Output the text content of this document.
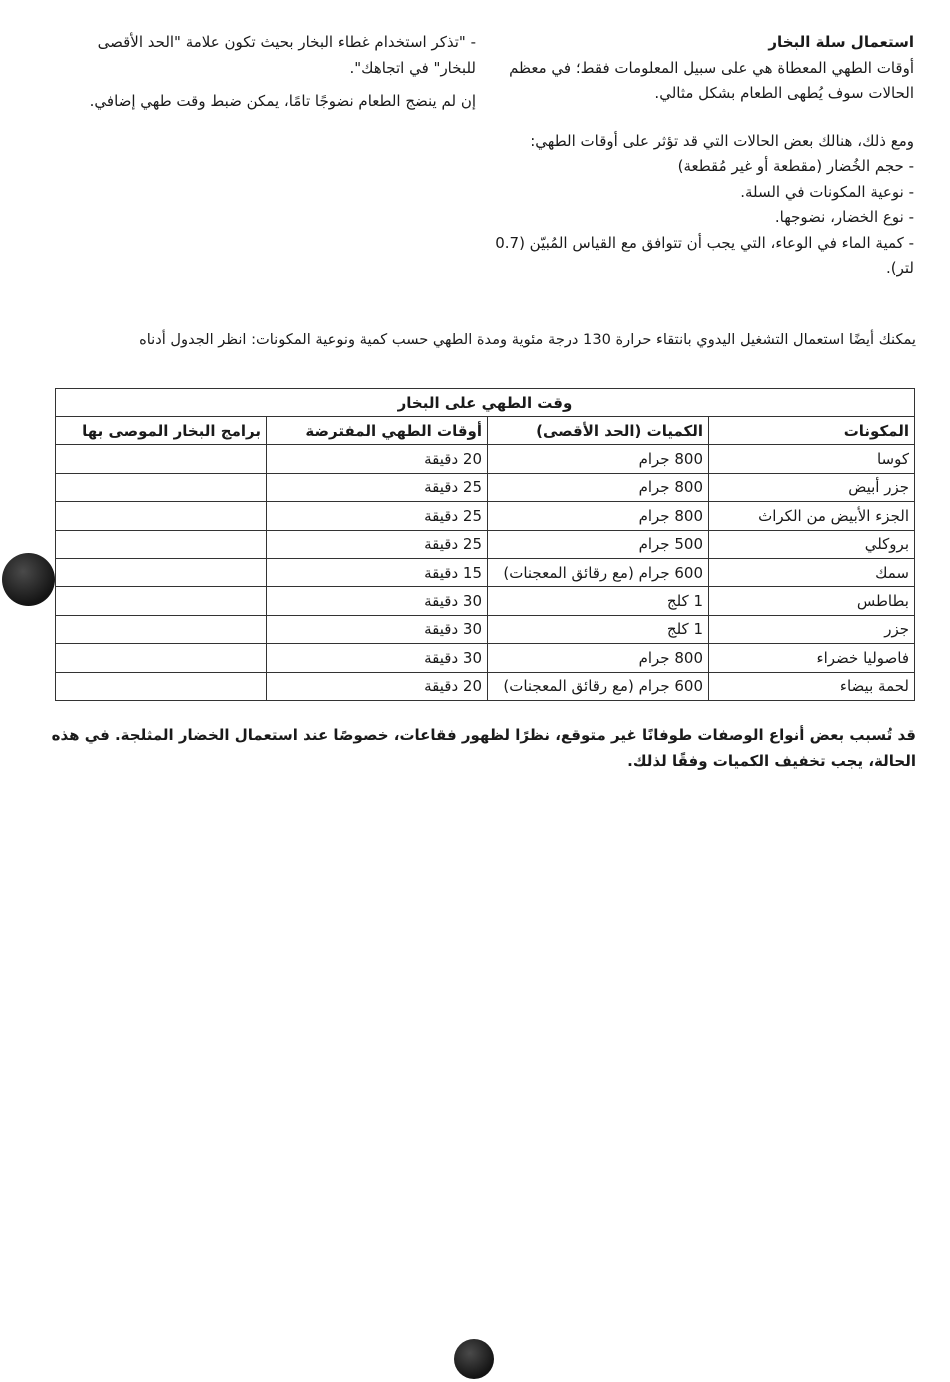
استعمال سلة البخار

أوقات الطهي المعطاة هي على سبيل المعلومات فقط؛ في معظم الحالات سوف يُطهى الطعام بشكل مثالي.

ومع ذلك، هنالك بعض الحالات التي قد تؤثر على أوقات الطهي:

- حجم الخُضار (مقطعة أو غير مُقطعة)

- نوعية المكونات في السلة.

- نوع الخضار، نضوجها.

- كمية الماء في الوعاء، التي يجب أن تتوافق مع القياس المُبيّن (0.7 لتر).

- "تذكر استخدام غطاء البخار بحيث تكون علامة "الحد الأقصى للبخار" في اتجاهك".

إن لم ينضج الطعام نضوجًا تامًا، يمكن ضبط وقت طهي إضافي.

يمكنك أيضًا استعمال التشغيل اليدوي بانتقاء حرارة 130 درجة مئوية ومدة الطهي حسب كمية ونوعية المكونات: انظر الجدول أدناه
وقت الطهي على البخار			
المكونات	الكميات (الحد الأقصى)	أوقات الطهي المفترضة	برامج البخار الموصى بها
كوسا	800 جرام	20 دقيقة	
جزر أبيض	800 جرام	25 دقيقة	
الجزء الأبيض من الكراث	800 جرام	25 دقيقة	
بروكلي	500 جرام	25 دقيقة	
سمك	600 جرام (مع رقائق المعجنات)	15 دقيقة	
بطاطس	1 كلج	30 دقيقة	
جزر	1 كلج	30 دقيقة	
فاصوليا خضراء	800 جرام	30 دقيقة	
لحمة بيضاء	600 جرام (مع رقائق المعجنات)	20 دقيقة	
قد تُسبب بعض أنواع الوصفات طوفانًا غير متوقع، نظرًا لظهور فقاعات، خصوصًا عند استعمال الخضار المثلجة. في هذه الحالة، يجب تخفيف الكميات وفقًا لذلك.
